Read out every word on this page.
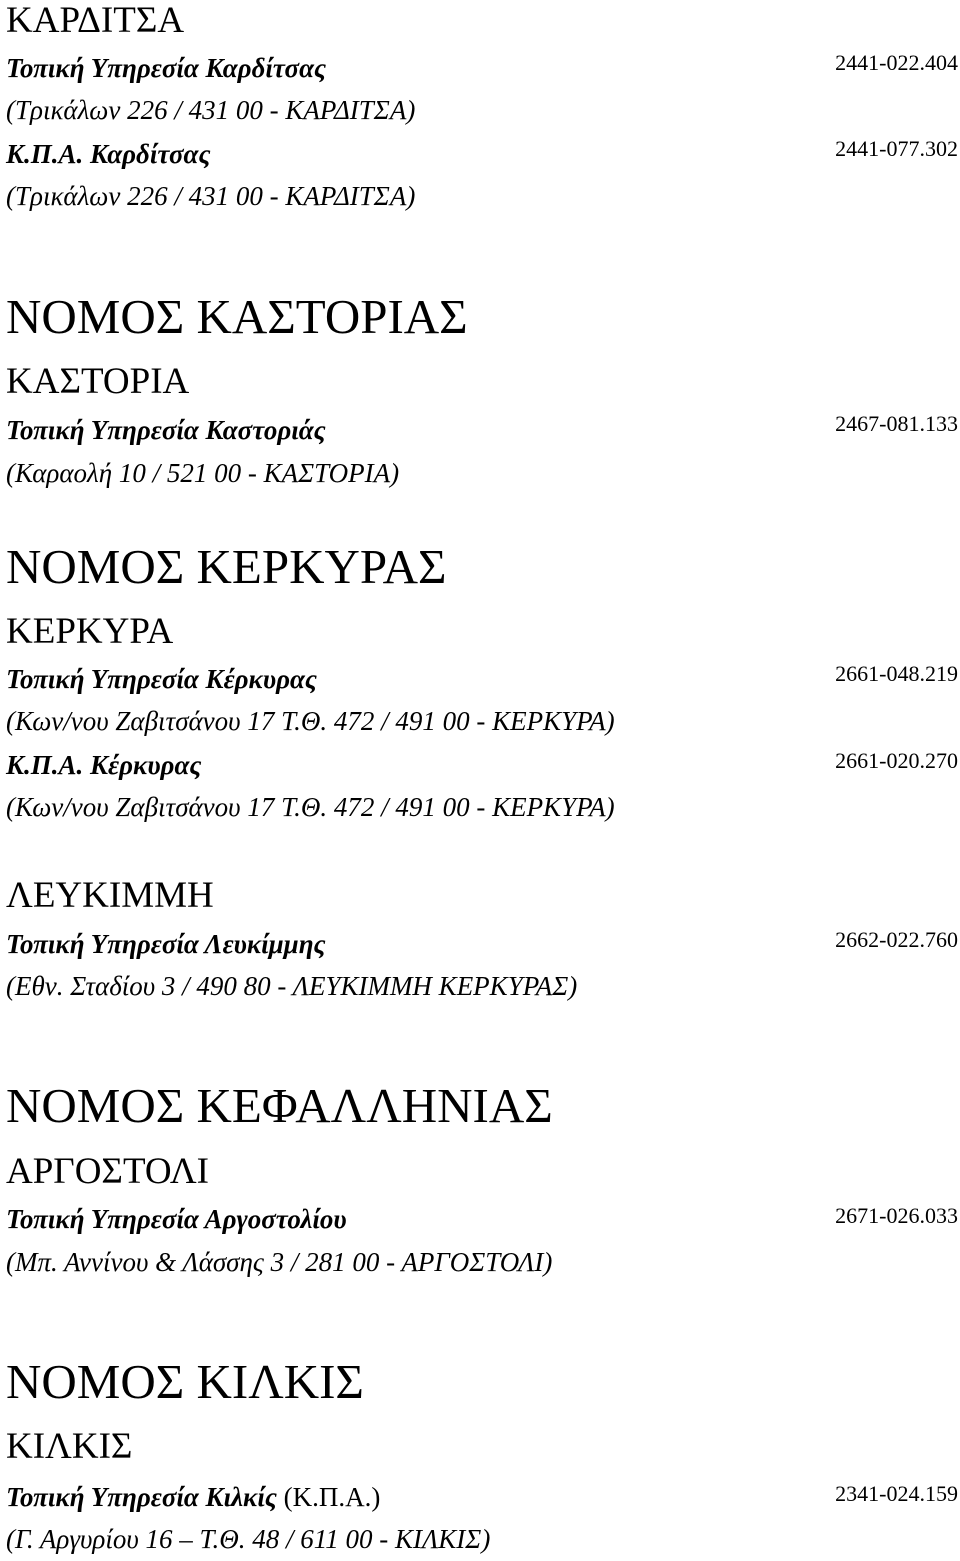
ΚΑΡΔΙΤΣΑ
Τοπική Υπηρεσία Καρδίτσας	2441-022.404
(Τρικάλων 226 / 431 00 - ΚΑΡΔΙΤΣΑ)
Κ.Π.Α. Καρδίτσας	2441-077.302
(Τρικάλων 226 / 431 00 - ΚΑΡΔΙΤΣΑ)
ΝΟΜΟΣ ΚΑΣΤΟΡΙΑΣ
ΚΑΣΤΟΡΙΑ
Τοπική Υπηρεσία Καστοριάς	2467-081.133
(Καραολή 10 / 521 00 - ΚΑΣΤΟΡΙΑ)
ΝΟΜΟΣ ΚΕΡΚΥΡΑΣ
ΚΕΡΚΥΡΑ
Τοπική Υπηρεσία Κέρκυρας	2661-048.219
(Κων/νου Ζαβιτσάνου 17 Τ.Θ. 472 / 491 00 - ΚΕΡΚΥΡΑ)
Κ.Π.Α. Κέρκυρας	2661-020.270
(Κων/νου Ζαβιτσάνου 17 Τ.Θ. 472 / 491 00 - ΚΕΡΚΥΡΑ)
ΛΕΥΚΙΜΜΗ
Τοπική Υπηρεσία Λευκίμμης	2662-022.760
(Εθν. Σταδίου 3 / 490 80 - ΛΕΥΚΙΜΜΗ ΚΕΡΚΥΡΑΣ)
ΝΟΜΟΣ ΚΕΦΑΛΛΗΝΙΑΣ
ΑΡΓΟΣΤΟΛΙ
Τοπική Υπηρεσία Αργοστολίου	2671-026.033
(Μπ. Αννίνου & Λάσσης 3 / 281 00 - ΑΡΓΟΣΤΟΛΙ)
ΝΟΜΟΣ ΚΙΛΚΙΣ
ΚΙΛΚΙΣ
Τοπική Υπηρεσία Κιλκίς (Κ.Π.Α.)	2341-024.159
(Γ. Αργυρίου 16 – Τ.Θ. 48 / 611 00 - ΚΙΛΚΙΣ)
